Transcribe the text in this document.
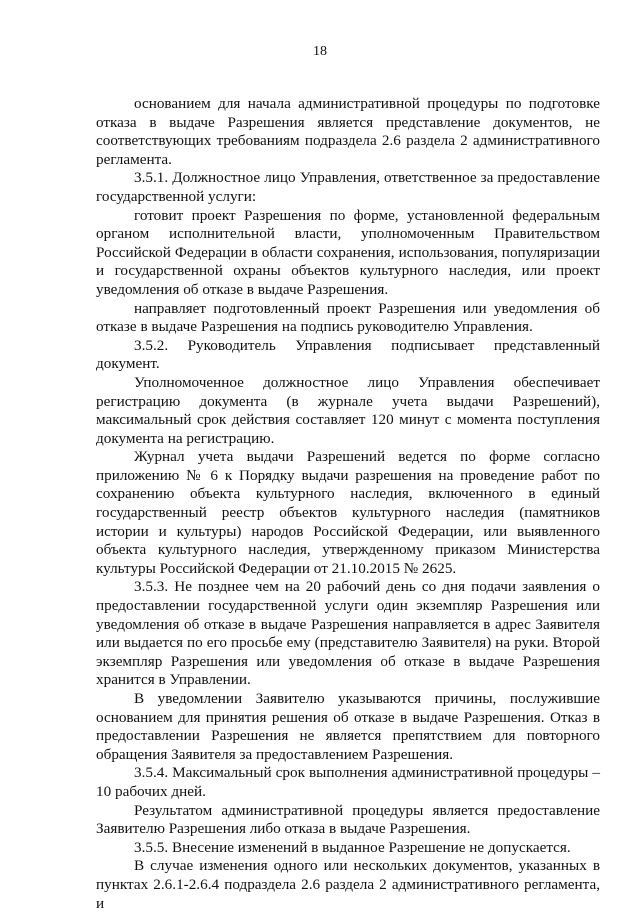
18

основанием для начала административной процедуры по подготовке отказа в выдаче Разрешения является представление документов, не соответствующих требованиям подраздела 2.6 раздела 2 административного регламента.

3.5.1. Должностное лицо Управления, ответственное за предоставление государственной услуги:

готовит проект Разрешения по форме, установленной федеральным органом исполнительной власти, уполномоченным Правительством Российской Федерации в области сохранения, использования, популяризации и государственной охраны объектов культурного наследия, или проект уведомления об отказе в выдаче Разрешения.

направляет подготовленный проект Разрешения или уведомления об отказе в выдаче Разрешения на подпись руководителю Управления.

3.5.2. Руководитель Управления подписывает представленный документ.

Уполномоченное должностное лицо Управления обеспечивает регистрацию документа (в журнале учета выдачи Разрешений), максимальный срок действия составляет 120 минут с момента поступления документа на регистрацию.

Журнал учета выдачи Разрешений ведется по форме согласно приложению № 6 к Порядку выдачи разрешения на проведение работ по сохранению объекта культурного наследия, включенного в единый государственный реестр объектов культурного наследия (памятников истории и культуры) народов Российской Федерации, или выявленного объекта культурного наследия, утвержденному приказом Министерства культуры Российской Федерации от 21.10.2015 № 2625.

3.5.3. Не позднее чем на 20 рабочий день со дня подачи заявления о предоставлении государственной услуги один экземпляр Разрешения или уведомления об отказе в выдаче Разрешения направляется в адрес Заявителя или выдается по его просьбе ему (представителю Заявителя) на руки. Второй экземпляр Разрешения или уведомления об отказе в выдаче Разрешения хранится в Управлении.

В уведомлении Заявителю указываются причины, послужившие основанием для принятия решения об отказе в выдаче Разрешения. Отказ в предоставлении Разрешения не является препятствием для повторного обращения Заявителя за предоставлением Разрешения.

3.5.4. Максимальный срок выполнения административной процедуры – 10 рабочих дней.

Результатом административной процедуры является предоставление Заявителю Разрешения либо отказа в выдаче Разрешения.

3.5.5. Внесение изменений в выданное Разрешение не допускается.

В случае изменения одного или нескольких документов, указанных в пунктах 2.6.1-2.6.4 подраздела 2.6 раздела 2 административного регламента, и
